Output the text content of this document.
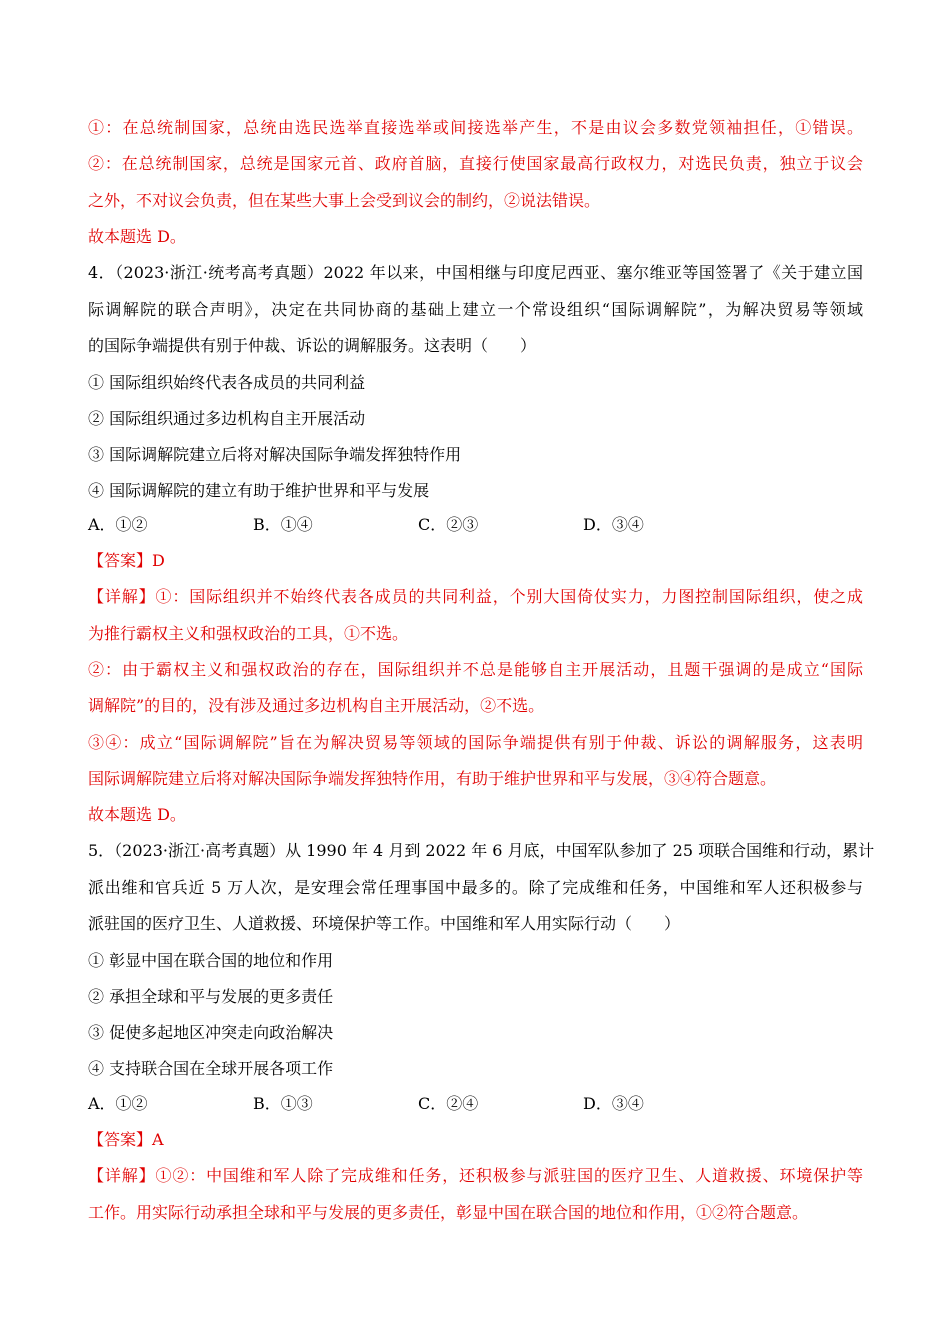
①：在总统制国家，总统由选民选举直接选举或间接选举产生，不是由议会多数党领袖担任，①错误。
②：在总统制国家，总统是国家元首、政府首脑，直接行使国家最高行政权力，对选民负责，独立于议会
之外，不对议会负责，但在某些大事上会受到议会的制约，②说法错误。
故本题选 D。
4．（2023·浙江·统考高考真题）2022 年以来，中国相继与印度尼西亚、塞尔维亚等国签署了《关于建立国
际调解院的联合声明》，决定在共同协商的基础上建立一个常设组织“国际调解院”，为解决贸易等领域
的国际争端提供有别于仲裁、诉讼的调解服务。这表明（　　）
① 国际组织始终代表各成员的共同利益
② 国际组织通过多边机构自主开展活动
③ 国际调解院建立后将对解决国际争端发挥独特作用
④ 国际调解院的建立有助于维护世界和平与发展
A．①②	B．①④	C．②③	D．③④
【答案】D
【详解】①：国际组织并不始终代表各成员的共同利益，个别大国倚仗实力，力图控制国际组织，使之成
为推行霸权主义和强权政治的工具，①不选。
②：由于霸权主义和强权政治的存在，国际组织并不总是能够自主开展活动，且题干强调的是成立“国际
调解院”的目的，没有涉及通过多边机构自主开展活动，②不选。
③④：成立“国际调解院”旨在为解决贸易等领域的国际争端提供有别于仲裁、诉讼的调解服务，这表明
国际调解院建立后将对解决国际争端发挥独特作用，有助于维护世界和平与发展，③④符合题意。
故本题选 D。
5．（2023·浙江·高考真题）从 1990 年 4 月到 2022 年 6 月底，中国军队参加了 25 项联合国维和行动，累计
派出维和官兵近 5 万人次，是安理会常任理事国中最多的。除了完成维和任务，中国维和军人还积极参与
派驻国的医疗卫生、人道救援、环境保护等工作。中国维和军人用实际行动（　　）
① 彰显中国在联合国的地位和作用
② 承担全球和平与发展的更多责任
③ 促使多起地区冲突走向政治解决
④ 支持联合国在全球开展各项工作
A．①②	B．①③	C．②④	D．③④
【答案】A
【详解】①②：中国维和军人除了完成维和任务，还积极参与派驻国的医疗卫生、人道救援、环境保护等
工作。用实际行动承担全球和平与发展的更多责任，彰显中国在联合国的地位和作用，①②符合题意。
